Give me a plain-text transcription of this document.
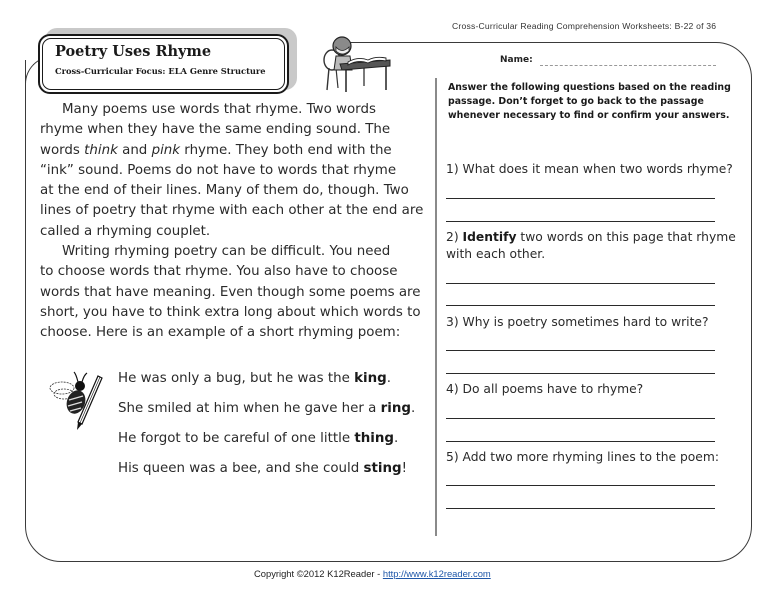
Cross-Curricular Reading Comprehension Worksheets: B-22 of 36
Poetry Uses Rhyme
Cross-Curricular Focus: ELA Genre Structure
Many poems use words that rhyme. Two words
rhyme when they have the same ending sound. The
words think and pink rhyme. They both end with the
“ink” sound. Poems do not have to words that rhyme
at the end of their lines. Many of them do, though. Two
lines of poetry that rhyme with each other at the end are
called a rhyming couplet.
Writing rhyming poetry can be difficult. You need
to choose words that rhyme. You also have to choose
words that have meaning. Even though some poems are
short, you have to think extra long about which words to
choose. Here is an example of a short rhyming poem:
He was only a bug, but he was the king.
She smiled at him when he gave her a ring.
He forgot to be careful of one little thing.
His queen was a bee, and she could sting!
Name:
Answer the following questions based on the reading
passage. Don’t forget to go back to the passage
whenever necessary to find or confirm your answers.
1) What does it mean when two words rhyme?
2) Identify two words on this page that rhyme
with each other.
3) Why is poetry sometimes hard to write?
4) Do all poems have to rhyme?
5) Add two more rhyming lines to the poem:
Copyright ©2012 K12Reader - http://www.k12reader.com
